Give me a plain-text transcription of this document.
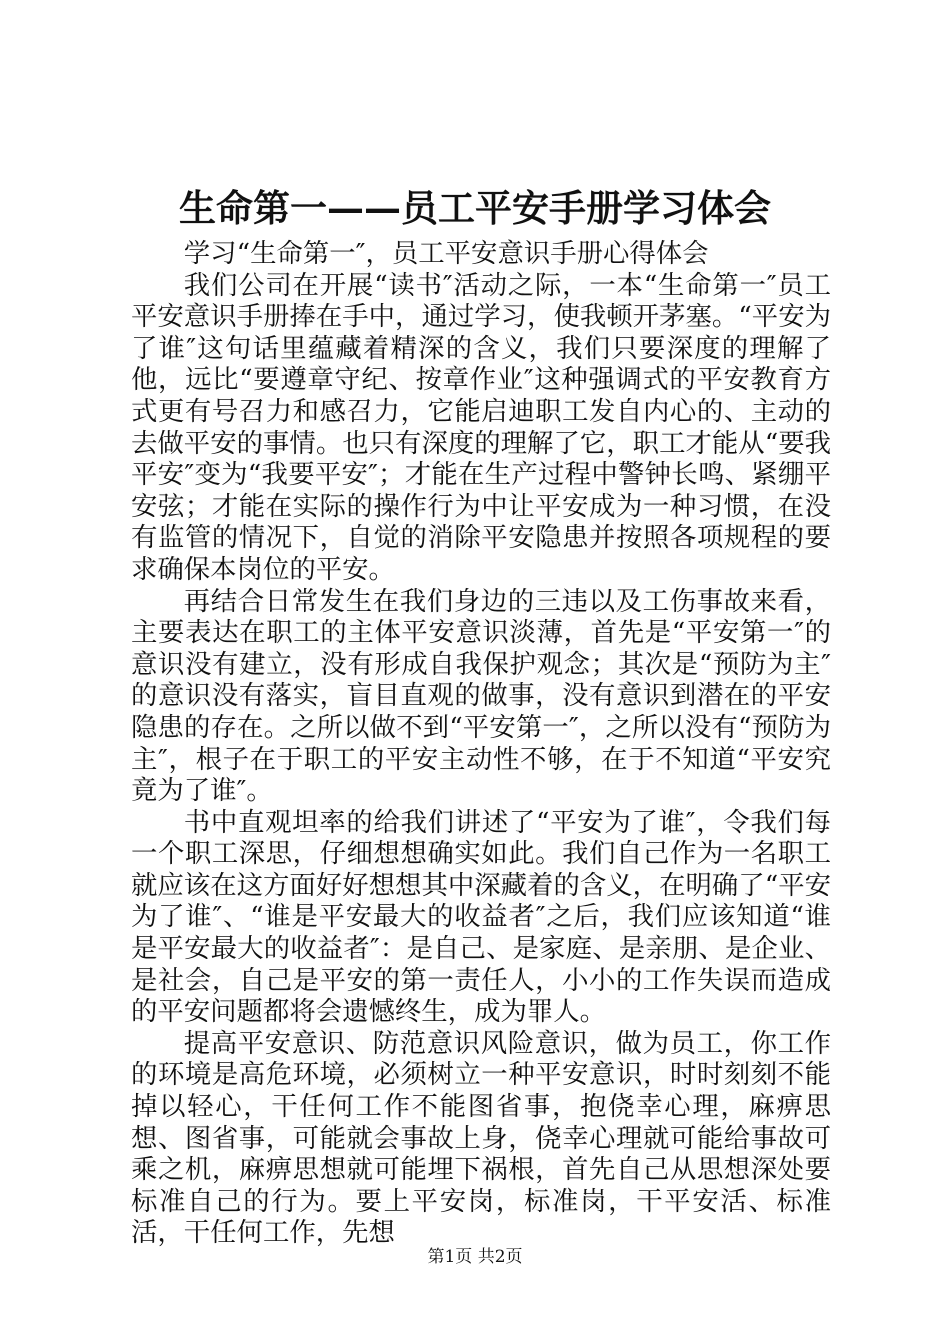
生命第一——员工平安手册学习体会

学习“生命第一″，员工平安意识手册心得体会

我们公司在开展“读书″活动之际，一本“生命第一″员工平安意识手册捧在手中，通过学习，使我顿开茅塞。“平安为了谁″这句话里蕴藏着精深的含义，我们只要深度的理解了他，远比“要遵章守纪、按章作业″这种强调式的平安教育方式更有号召力和感召力，它能启迪职工发自内心的、主动的去做平安的事情。也只有深度的理解了它，职工才能从“要我平安″变为“我要平安″；才能在生产过程中警钟长鸣、紧绷平安弦；才能在实际的操作行为中让平安成为一种习惯，在没有监管的情况下，自觉的消除平安隐患并按照各项规程的要求确保本岗位的平安。

再结合日常发生在我们身边的三违以及工伤事故来看，主要表达在职工的主体平安意识淡薄，首先是“平安第一″的意识没有建立，没有形成自我保护观念；其次是“预防为主″的意识没有落实，盲目直观的做事，没有意识到潜在的平安隐患的存在。之所以做不到“平安第一″，之所以没有“预防为主″，根子在于职工的平安主动性不够，在于不知道“平安究竟为了谁″。

书中直观坦率的给我们讲述了“平安为了谁″，令我们每一个职工深思，仔细想想确实如此。我们自己作为一名职工就应该在这方面好好想想其中深藏着的含义，在明确了“平安为了谁″、“谁是平安最大的收益者″之后，我们应该知道“谁是平安最大的收益者″：是自己、是家庭、是亲朋、是企业、是社会，自己是平安的第一责任人，小小的工作失误而造成的平安问题都将会遗憾终生，成为罪人。

提高平安意识、防范意识风险意识，做为员工，你工作的环境是高危环境，必须树立一种平安意识，时时刻刻不能掉以轻心，干任何工作不能图省事，抱侥幸心理，麻痹思想、图省事，可能就会事故上身，侥幸心理就可能给事故可乘之机，麻痹思想就可能埋下祸根，首先自己从思想深处要标准自己的行为。要上平安岗，标准岗，干平安活、标准活，干任何工作，先想

第1页 共2页
